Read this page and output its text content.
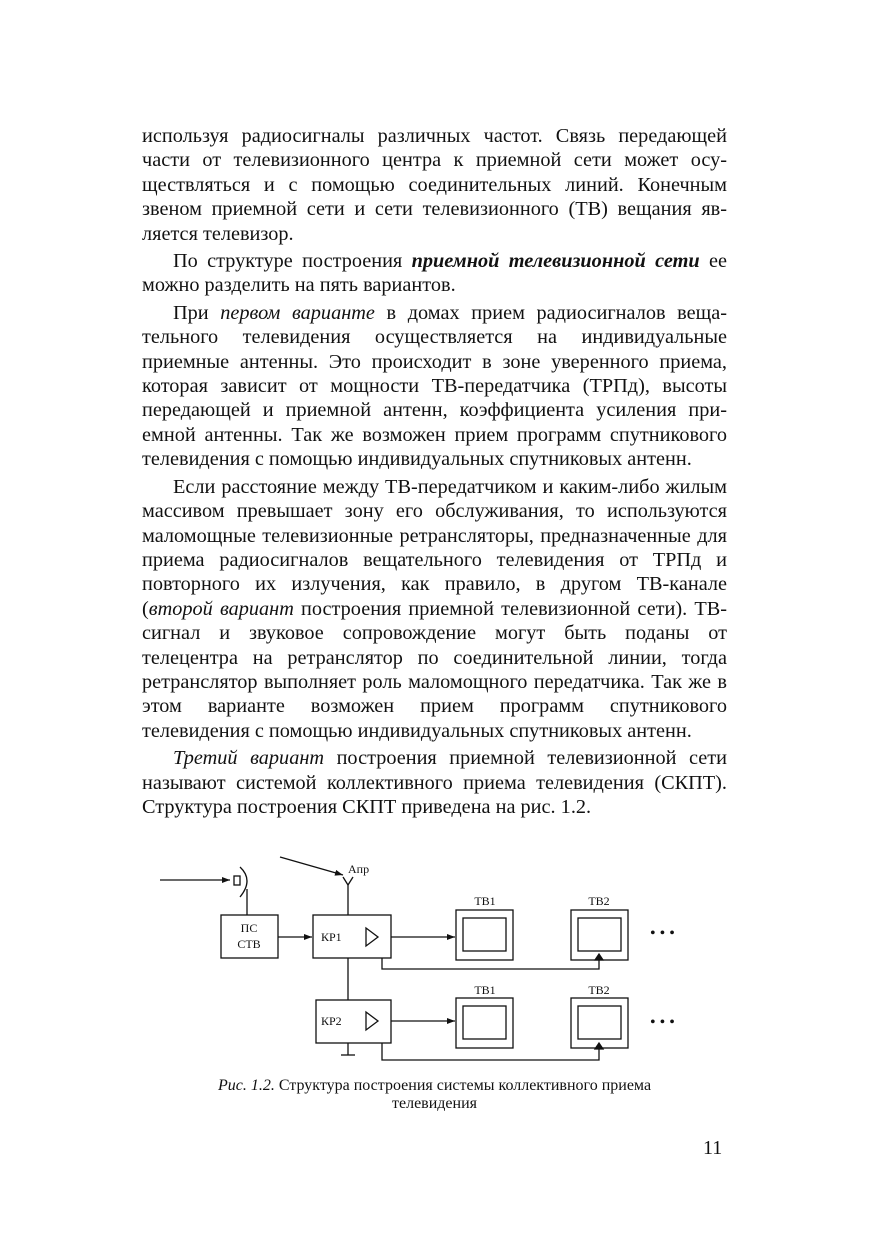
используя радиосигналы различных частот. Связь передающей части от телевизионного центра к приемной сети может осуществляться и с помощью соединительных линий. Конечным звеном приемной сети и сети телевизионного (ТВ) вещания является телевизор.

По структуре построения приемной телевизионной сети ее можно разделить на пять вариантов.

При первом варианте в домах прием радиосигналов вещательного телевидения осуществляется на индивидуальные приемные антенны. Это происходит в зоне уверенного приема, которая зависит от мощности ТВ-передатчика (ТРПд), высоты передающей и приемной антенн, коэффициента усиления приемной антенны. Так же возможен прием программ спутникового телевидения с помощью индивидуальных спутниковых антенн.

Если расстояние между ТВ-передатчиком и каким-либо жилым массивом превышает зону его обслуживания, то используются маломощные телевизионные ретрансляторы, предназначенные для приема радиосигналов вещательного телевидения от ТРПд и повторного их излучения, как правило, в другом ТВ-канале (второй вариант построения приемной телевизионной сети). ТВ-сигнал и звуковое сопровождение могут быть поданы от телецентра на ретранслятор по соединительной линии, тогда ретранслятор выполняет роль маломощного передатчика. Так же в этом варианте возможен прием программ спутникового телевидения с помощью индивидуальных спутниковых антенн.

Третий вариант построения приемной телевизионной сети называют системой коллективного приема телевидения (СКПТ). Структура построения СКПТ приведена на рис. 1.2.

Апр
ПС
СТВ	КР1
КР2
ТВ1	ТВ2
ТВ1	ТВ2
• • •
• • •
Рис. 1.2. Структура построения системы коллективного приема
телевидения
11
